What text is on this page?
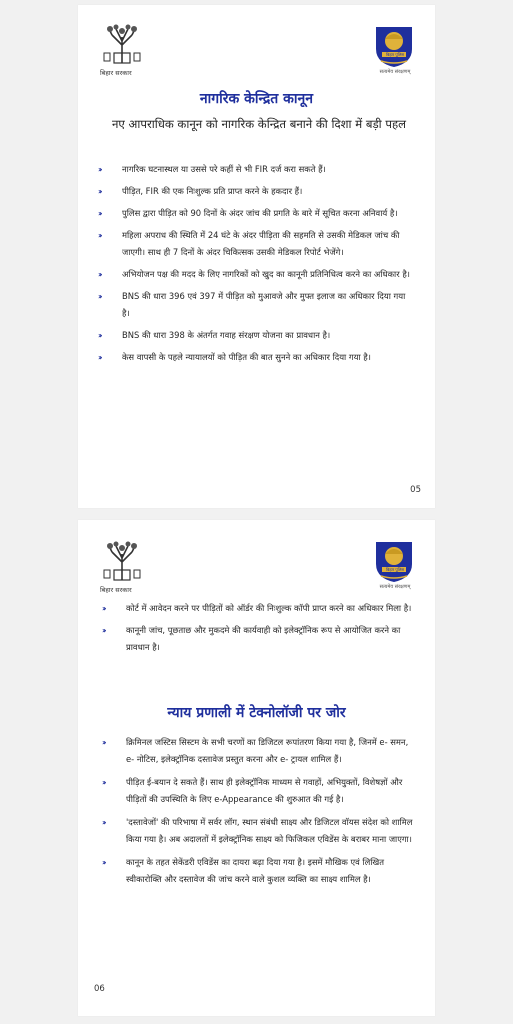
बिहार सरकार
बिहार पुलिस
सत्यमेव संरक्षणम्
नागरिक केन्द्रित कानून
नए आपराधिक कानून को नागरिक केन्द्रित बनाने की दिशा में बड़ी पहल
››	नागरिक घटनास्थल या उससे परे कहीं से भी FIR दर्ज करा सकते हैं।
››	पीड़ित, FIR की एक निःशुल्क प्रति प्राप्त करने के हकदार हैं।
››	पुलिस द्वारा पीड़ित को 90 दिनों के अंदर जांच की प्रगति के बारे में सूचित करना अनिवार्य है।
››	महिला अपराध की स्थिति में 24 घंटे के अंदर पीड़िता की सहमति से उसकी मेडिकल जांच की जाएगी। साथ ही 7 दिनों के अंदर चिकित्सक उसकी मेडिकल रिपोर्ट भेजेंगे।
››	अभियोजन पक्ष की मदद के लिए नागरिकों को खुद का कानूनी प्रतिनिधित्व करने का अधिकार है।
››	BNS की धारा 396 एवं 397 में पीड़ित को मुआवजे और मुफ्त इलाज का अधिकार दिया गया है।
››	BNS की धारा 398 के अंतर्गत गवाह संरक्षण योजना का प्रावधान है।
››	केस वापसी के पहले न्यायालयों को पीड़ित की बात सुनने का अधिकार दिया गया है।
05
बिहार सरकार
बिहार पुलिस
सत्यमेव संरक्षणम्
››	कोर्ट में आवेदन करने पर पीड़ितों को ऑर्डर की निःशुल्क कॉपी प्राप्त करने का अधिकार मिला है।
››	कानूनी जांच, पूछताछ और मुकदमे की कार्यवाही को इलेक्ट्रॉनिक रूप से आयोजित करने का प्रावधान है।
न्याय प्रणाली में टेक्नोलॉजी पर जोर
››	क्रिमिनल जस्टिस सिस्टम के सभी चरणों का डिजिटल रूपांतरण किया गया है, जिनमें e- समन, e- नोटिस, इलेक्ट्रॉनिक दस्तावेज प्रस्तुत करना और e- ट्रायल शामिल हैं।
››	पीड़ित ई-बयान दे सकते हैं। साथ ही इलेक्ट्रॉनिक माध्यम से गवाहों, अभियुक्तों, विशेषज्ञों और पीड़ितों की उपस्थिति के लिए e-Appearance की शुरुआत की गई है।
››	'दस्तावेजों' की परिभाषा में सर्वर लॉग, स्थान संबंधी साक्ष्य और डिजिटल वॉयस संदेश को शामिल किया गया है। अब अदालतों में इलेक्ट्रॉनिक साक्ष्य को फिजिकल एविडेंस के बराबर माना जाएगा।
››	कानून के तहत सेकेंडरी एविडेंस का दायरा बढ़ा दिया गया है। इसमें मौखिक एवं लिखित स्वीकारोक्ति और दस्तावेज की जांच करने वाले कुशल व्यक्ति का साक्ष्य शामिल है।
06
